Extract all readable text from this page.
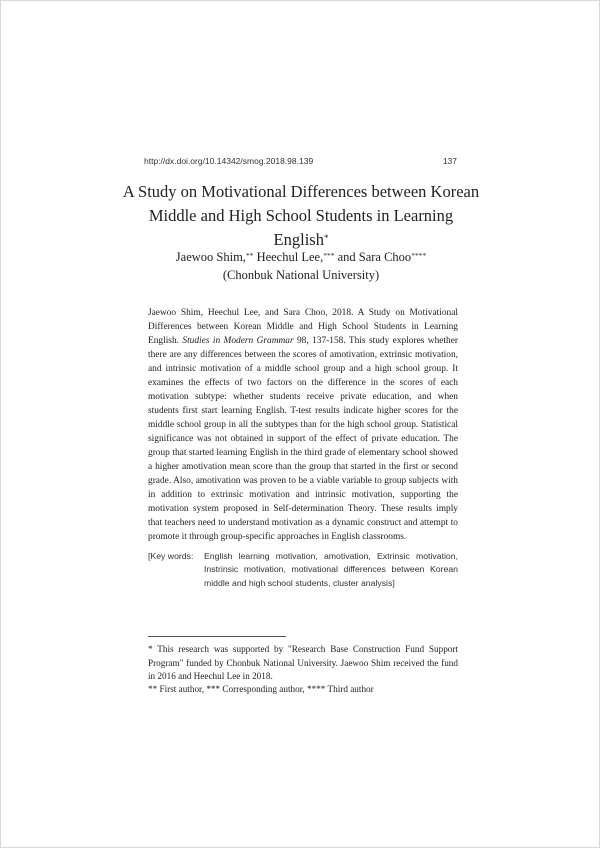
http://dx.doi.org/10.14342/smog.2018.98.139	137
A Study on Motivational Differences between Korean
Middle and High School Students in Learning English*
Jaewoo Shim,** Heechul Lee,*** and Sara Choo****
(Chonbuk National University)
Jaewoo Shim, Heechul Lee, and Sara Choo, 2018. A Study on Motivational Differences between Korean Middle and High School Students in Learning English. Studies in Modern Grammar 98, 137-158. This study explores whether there are any differences between the scores of amotivation, extrinsic motivation, and intrinsic motivation of a middle school group and a high school group. It examines the effects of two factors on the difference in the scores of each motivation subtype: whether students receive private education, and when students first start learning English. T-test results indicate higher scores for the middle school group in all the subtypes than for the high school group. Statistical significance was not obtained in support of the effect of private education. The group that started learning English in the third grade of elementary school showed a higher amotivation mean score than the group that started in the first or second grade. Also, amotivation was proven to be a viable variable to group subjects with in addition to extrinsic motivation and intrinsic motivation, supporting the motivation system proposed in Self-determination Theory. These results imply that teachers need to understand motivation as a dynamic construct and attempt to promote it through group-specific approaches in English classrooms.
[Key words: English learning motivation, amotivation, Extrinsic motivation, Instrinsic motivation, motivational differences between Korean middle and high school students, cluster analysis]
* This research was supported by "Research Base Construction Fund Support Program" funded by Chonbuk National University. Jaewoo Shim received the fund in 2016 and Heechul Lee in 2018.
** First author, *** Corresponding author, **** Third author
